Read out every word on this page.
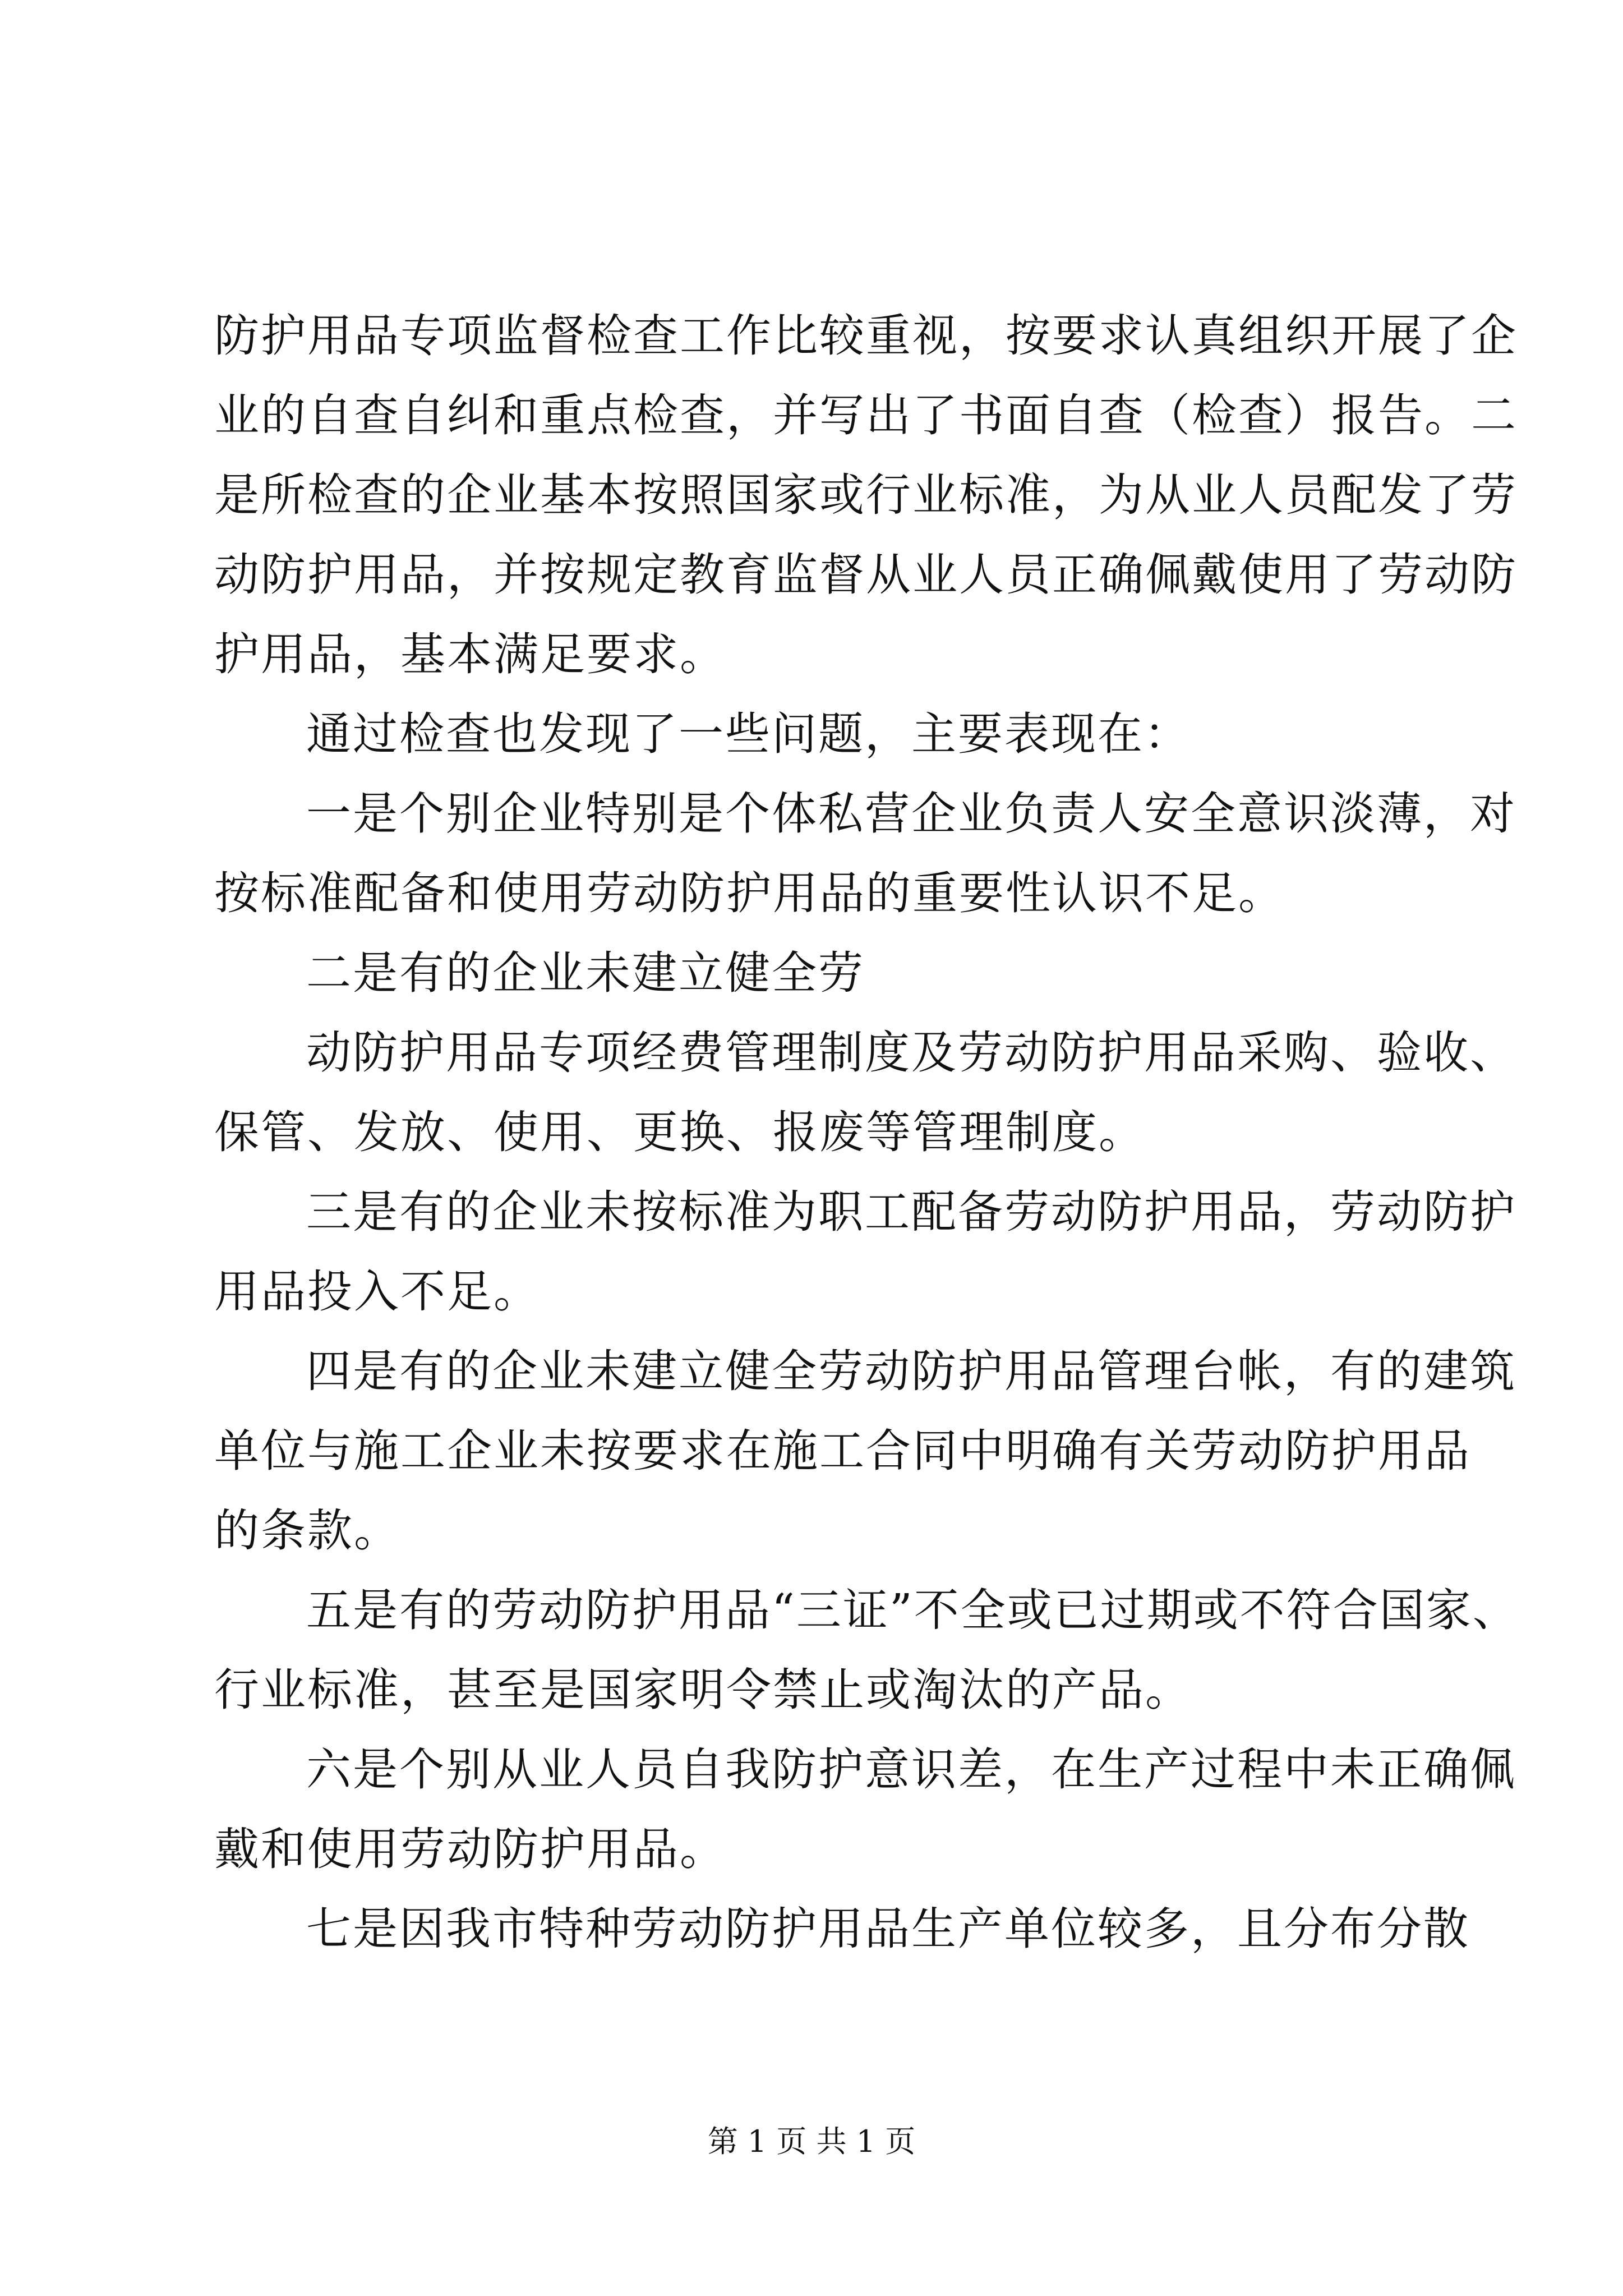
防护用品专项监督检查工作比较重视，按要求认真组织开展了企
业的自查自纠和重点检查，并写出了书面自查（检查）报告。二
是所检查的企业基本按照国家或行业标准，为从业人员配发了劳
动防护用品，并按规定教育监督从业人员正确佩戴使用了劳动防
护用品，基本满足要求。
通过检查也发现了一些问题，主要表现在：
一是个别企业特别是个体私营企业负责人安全意识淡薄，对
按标准配备和使用劳动防护用品的重要性认识不足。
二是有的企业未建立健全劳
动防护用品专项经费管理制度及劳动防护用品采购、验收、
保管、发放、使用、更换、报废等管理制度。
三是有的企业未按标准为职工配备劳动防护用品，劳动防护
用品投入不足。
四是有的企业未建立健全劳动防护用品管理台帐，有的建筑
单位与施工企业未按要求在施工合同中明确有关劳动防护用品
的条款。
五是有的劳动防护用品“三证”不全或已过期或不符合国家、
行业标准，甚至是国家明令禁止或淘汰的产品。
六是个别从业人员自我防护意识差，在生产过程中未正确佩
戴和使用劳动防护用品。
七是因我市特种劳动防护用品生产单位较多，且分布分散
第 1 页 共 1 页
